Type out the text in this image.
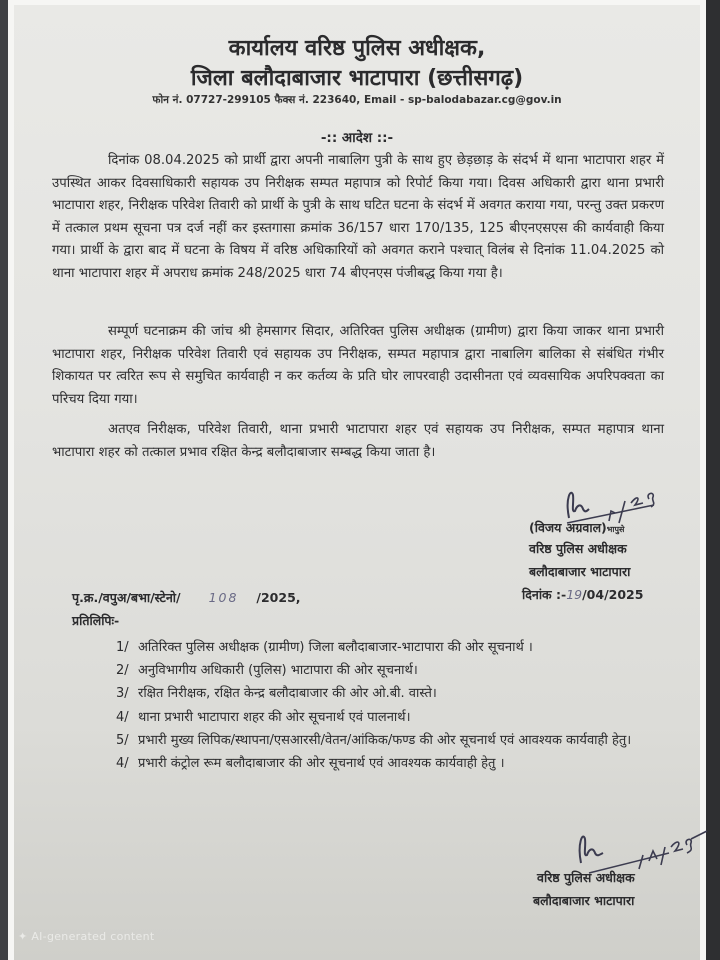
कार्यालय वरिष्ठ पुलिस अधीक्षक,
जिला बलौदाबाजार भाटापारा (छत्तीसगढ़)
फोन नं. 07727-299105 फैक्स नं. 223640, Email - sp-balodabazar.cg@gov.in
-:: आदेश ::-

दिनांक 08.04.2025 को प्रार्थी द्वारा अपनी नाबालिग पुत्री के साथ हुए छेड़छाड़ के संदर्भ में थाना भाटापारा शहर में उपस्थित आकर दिवसाधिकारी सहायक उप निरीक्षक सम्पत महापात्र को रिपोर्ट किया गया। दिवस अधिकारी द्वारा थाना प्रभारी भाटापारा शहर, निरीक्षक परिवेश तिवारी को प्रार्थी के पुत्री के साथ घटित घटना के संदर्भ में अवगत कराया गया, परन्तु उक्त प्रकरण में तत्काल प्रथम सूचना पत्र दर्ज नहीं कर इस्तगासा क्रमांक 36/157 धारा 170/135, 125 बीएनएसएस की कार्यवाही किया गया। प्रार्थी के द्वारा बाद में घटना के विषय में वरिष्ठ अधिकारियों को अवगत कराने पश्चात् विलंब से दिनांक 11.04.2025 को थाना भाटापारा शहर में अपराध क्रमांक 248/2025 धारा 74 बीएनएस पंजीबद्ध किया गया है।

सम्पूर्ण घटनाक्रम की जांच श्री हेमसागर सिदार, अतिरिक्त पुलिस अधीक्षक (ग्रामीण) द्वारा किया जाकर थाना प्रभारी भाटापारा शहर, निरीक्षक परिवेश तिवारी एवं सहायक उप निरीक्षक, सम्पत महापात्र द्वारा नाबालिग बालिका से संबंधित गंभीर शिकायत पर त्वरित रूप से समुचित कार्यवाही न कर कर्तव्य के प्रति घोर लापरवाही उदासीनता एवं व्यवसायिक अपरिपक्वता का परिचय दिया गया।

अतएव निरीक्षक, परिवेश तिवारी, थाना प्रभारी भाटापारा शहर एवं सहायक उप निरीक्षक, सम्पत महापात्र थाना भाटापारा शहर को तत्काल प्रभाव रक्षित केन्द्र बलौदाबाजार सम्बद्ध किया जाता है।

(विजय अग्रवाल)भापुसे
वरिष्ठ पुलिस अधीक्षक
बलौदाबाजार भाटापारा
दिनांक :-19/04/2025
पृ.क्र./वपुअ/बभा/स्टेनो/ 108 /2025,
प्रतिलिपिः-
1/ अतिरिक्त पुलिस अधीक्षक (ग्रामीण) जिला बलौदाबाजार-भाटापारा की ओर सूचनार्थ ।
2/ अनुविभागीय अधिकारी (पुलिस) भाटापारा की ओर सूचनार्थ।
3/ रक्षित निरीक्षक, रक्षित केन्द्र बलौदाबाजार की ओर ओ.बी. वास्ते।
4/ थाना प्रभारी भाटापारा शहर की ओर सूचनार्थ एवं पालनार्थ।
5/ प्रभारी मुख्य लिपिक/स्थापना/एसआरसी/वेतन/आंकिक/फण्ड की ओर सूचनार्थ एवं आवश्यक कार्यवाही हेतु।
4/ प्रभारी कंट्रोल रूम बलौदाबाजार की ओर सूचनार्थ एवं आवश्यक कार्यवाही हेतु ।
वरिष्ठ पुलिस अधीक्षक
बलौदाबाजार भाटापारा
✦ AI-generated content
